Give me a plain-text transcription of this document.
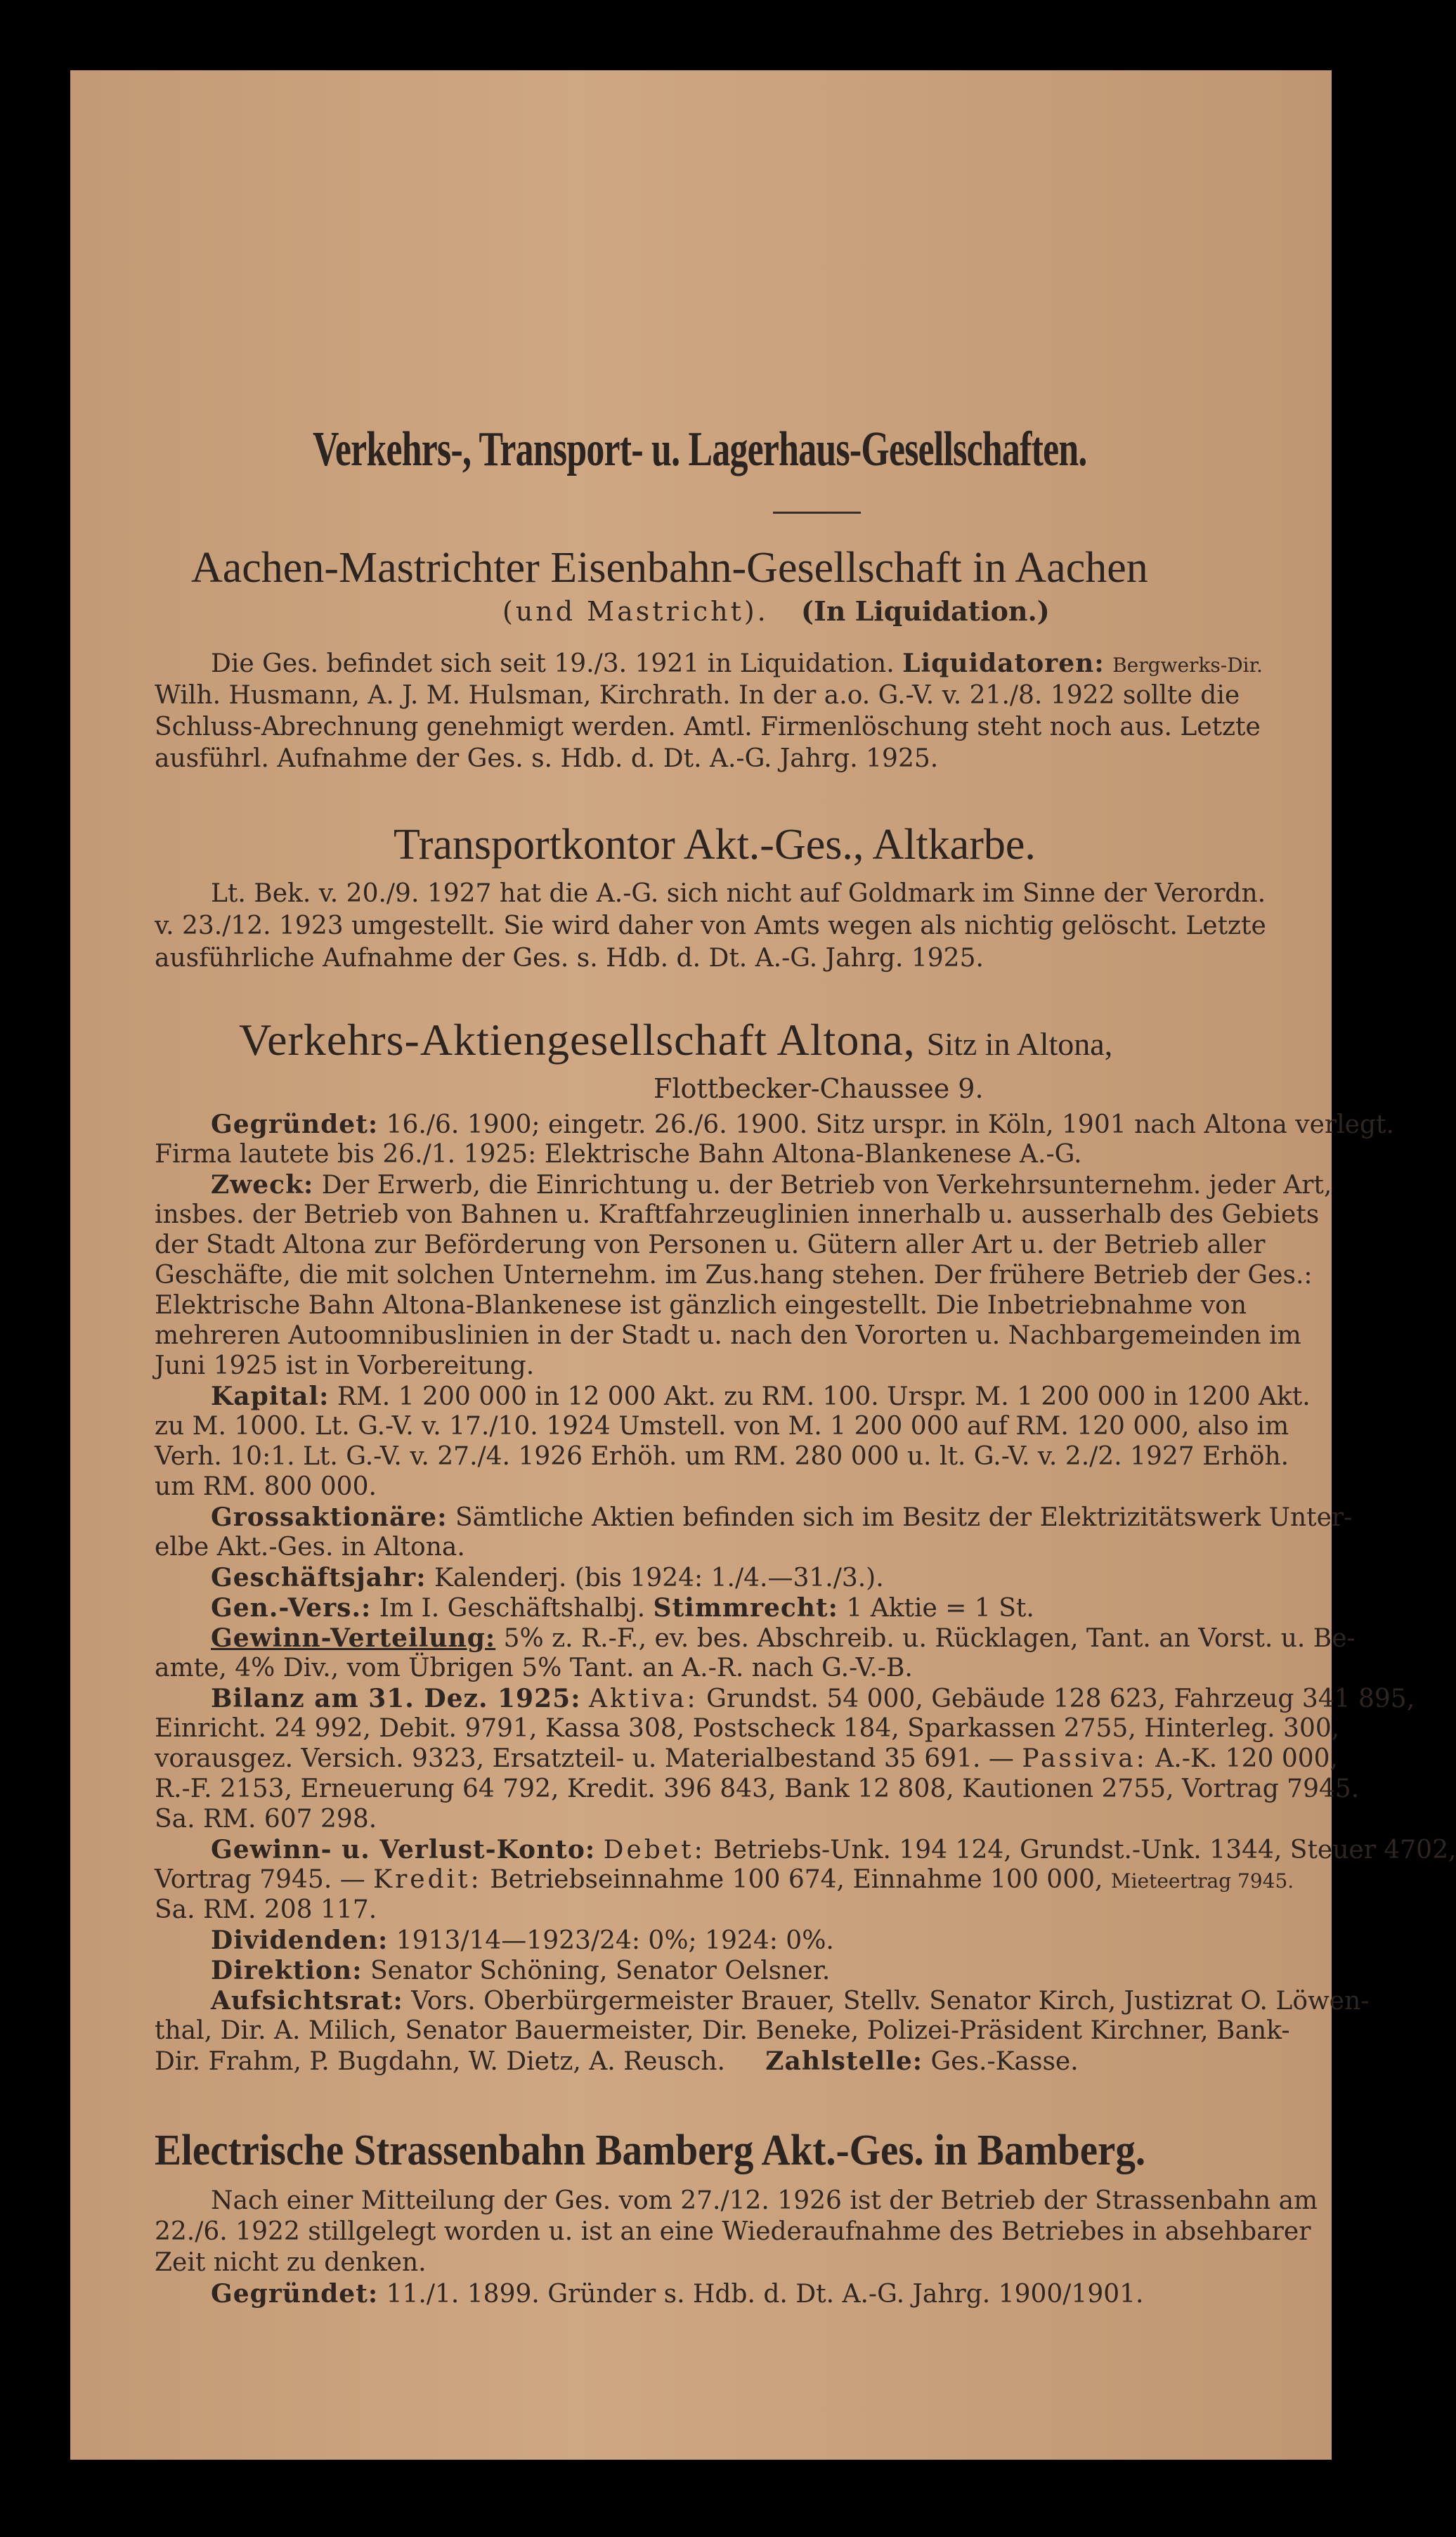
Verkehrs-, Transport- u. Lagerhaus-Gesellschaften.
Aachen-Mastrichter Eisenbahn-Gesellschaft in Aachen
(und Mastricht). (In Liquidation.)
Die Ges. befindet sich seit 19./3. 1921 in Liquidation. Liquidatoren: Bergwerks-Dir.
Wilh. Husmann, A. J. M. Hulsman, Kirchrath. In der a.o. G.-V. v. 21./8. 1922 sollte die
Schluss-Abrechnung genehmigt werden. Amtl. Firmenlöschung steht noch aus. Letzte
ausführl. Aufnahme der Ges. s. Hdb. d. Dt. A.-G. Jahrg. 1925.
Transportkontor Akt.-Ges., Altkarbe.
Lt. Bek. v. 20./9. 1927 hat die A.-G. sich nicht auf Goldmark im Sinne der Verordn.
v. 23./12. 1923 umgestellt. Sie wird daher von Amts wegen als nichtig gelöscht. Letzte
ausführliche Aufnahme der Ges. s. Hdb. d. Dt. A.-G. Jahrg. 1925.
Verkehrs-Aktiengesellschaft Altona, Sitz in Altona,
Flottbecker-Chaussee 9.
Gegründet: 16./6. 1900; eingetr. 26./6. 1900. Sitz urspr. in Köln, 1901 nach Altona verlegt.
Firma lautete bis 26./1. 1925: Elektrische Bahn Altona-Blankenese A.-G.
Zweck: Der Erwerb, die Einrichtung u. der Betrieb von Verkehrsunternehm. jeder Art,
insbes. der Betrieb von Bahnen u. Kraftfahrzeuglinien innerhalb u. ausserhalb des Gebiets
der Stadt Altona zur Beförderung von Personen u. Gütern aller Art u. der Betrieb aller
Geschäfte, die mit solchen Unternehm. im Zus.hang stehen. Der frühere Betrieb der Ges.:
Elektrische Bahn Altona-Blankenese ist gänzlich eingestellt. Die Inbetriebnahme von
mehreren Autoomnibuslinien in der Stadt u. nach den Vororten u. Nachbargemeinden im
Juni 1925 ist in Vorbereitung.
Kapital: RM. 1 200 000 in 12 000 Akt. zu RM. 100. Urspr. M. 1 200 000 in 1200 Akt.
zu M. 1000. Lt. G.-V. v. 17./10. 1924 Umstell. von M. 1 200 000 auf RM. 120 000, also im
Verh. 10:1. Lt. G.-V. v. 27./4. 1926 Erhöh. um RM. 280 000 u. lt. G.-V. v. 2./2. 1927 Erhöh.
um RM. 800 000.
Grossaktionäre: Sämtliche Aktien befinden sich im Besitz der Elektrizitätswerk Unter-
elbe Akt.-Ges. in Altona.
Geschäftsjahr: Kalenderj. (bis 1924: 1./4.—31./3.).
Gen.-Vers.: Im I. Geschäftshalbj. Stimmrecht: 1 Aktie = 1 St.
Gewinn-Verteilung: 5% z. R.-F., ev. bes. Abschreib. u. Rücklagen, Tant. an Vorst. u. Be-
amte, 4% Div., vom Übrigen 5% Tant. an A.-R. nach G.-V.-B.
Bilanz am 31. Dez. 1925: Aktiva: Grundst. 54 000, Gebäude 128 623, Fahrzeug 341 895,
Einricht. 24 992, Debit. 9791, Kassa 308, Postscheck 184, Sparkassen 2755, Hinterleg. 300,
vorausgez. Versich. 9323, Ersatzteil- u. Materialbestand 35 691. — Passiva: A.-K. 120 000,
R.-F. 2153, Erneuerung 64 792, Kredit. 396 843, Bank 12 808, Kautionen 2755, Vortrag 7945.
Sa. RM. 607 298.
Gewinn- u. Verlust-Konto: Debet: Betriebs-Unk. 194 124, Grundst.-Unk. 1344, Steuer 4702,
Vortrag 7945. — Kredit: Betriebseinnahme 100 674, Einnahme 100 000, Mieteertrag 7945.
Sa. RM. 208 117.
Dividenden: 1913/14—1923/24: 0%; 1924: 0%.
Direktion: Senator Schöning, Senator Oelsner.
Aufsichtsrat: Vors. Oberbürgermeister Brauer, Stellv. Senator Kirch, Justizrat O. Löwen-
thal, Dir. A. Milich, Senator Bauermeister, Dir. Beneke, Polizei-Präsident Kirchner, Bank-
Dir. Frahm, P. Bugdahn, W. Dietz, A. Reusch. Zahlstelle: Ges.-Kasse.
Electrische Strassenbahn Bamberg Akt.-Ges. in Bamberg.
Nach einer Mitteilung der Ges. vom 27./12. 1926 ist der Betrieb der Strassenbahn am
22./6. 1922 stillgelegt worden u. ist an eine Wiederaufnahme des Betriebes in absehbarer
Zeit nicht zu denken.
Gegründet: 11./1. 1899. Gründer s. Hdb. d. Dt. A.-G. Jahrg. 1900/1901.
